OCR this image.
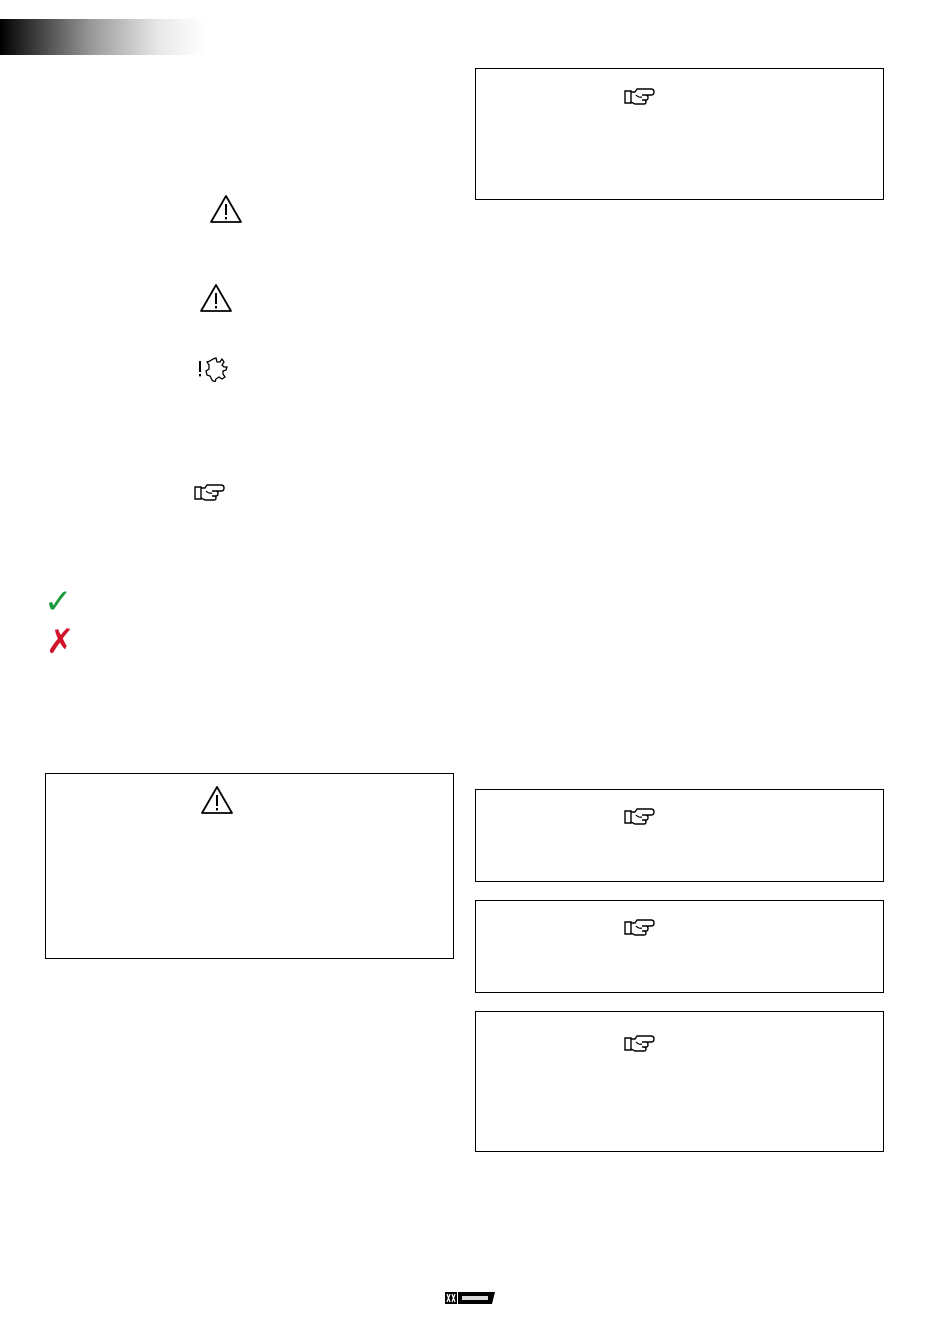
✓
✗
